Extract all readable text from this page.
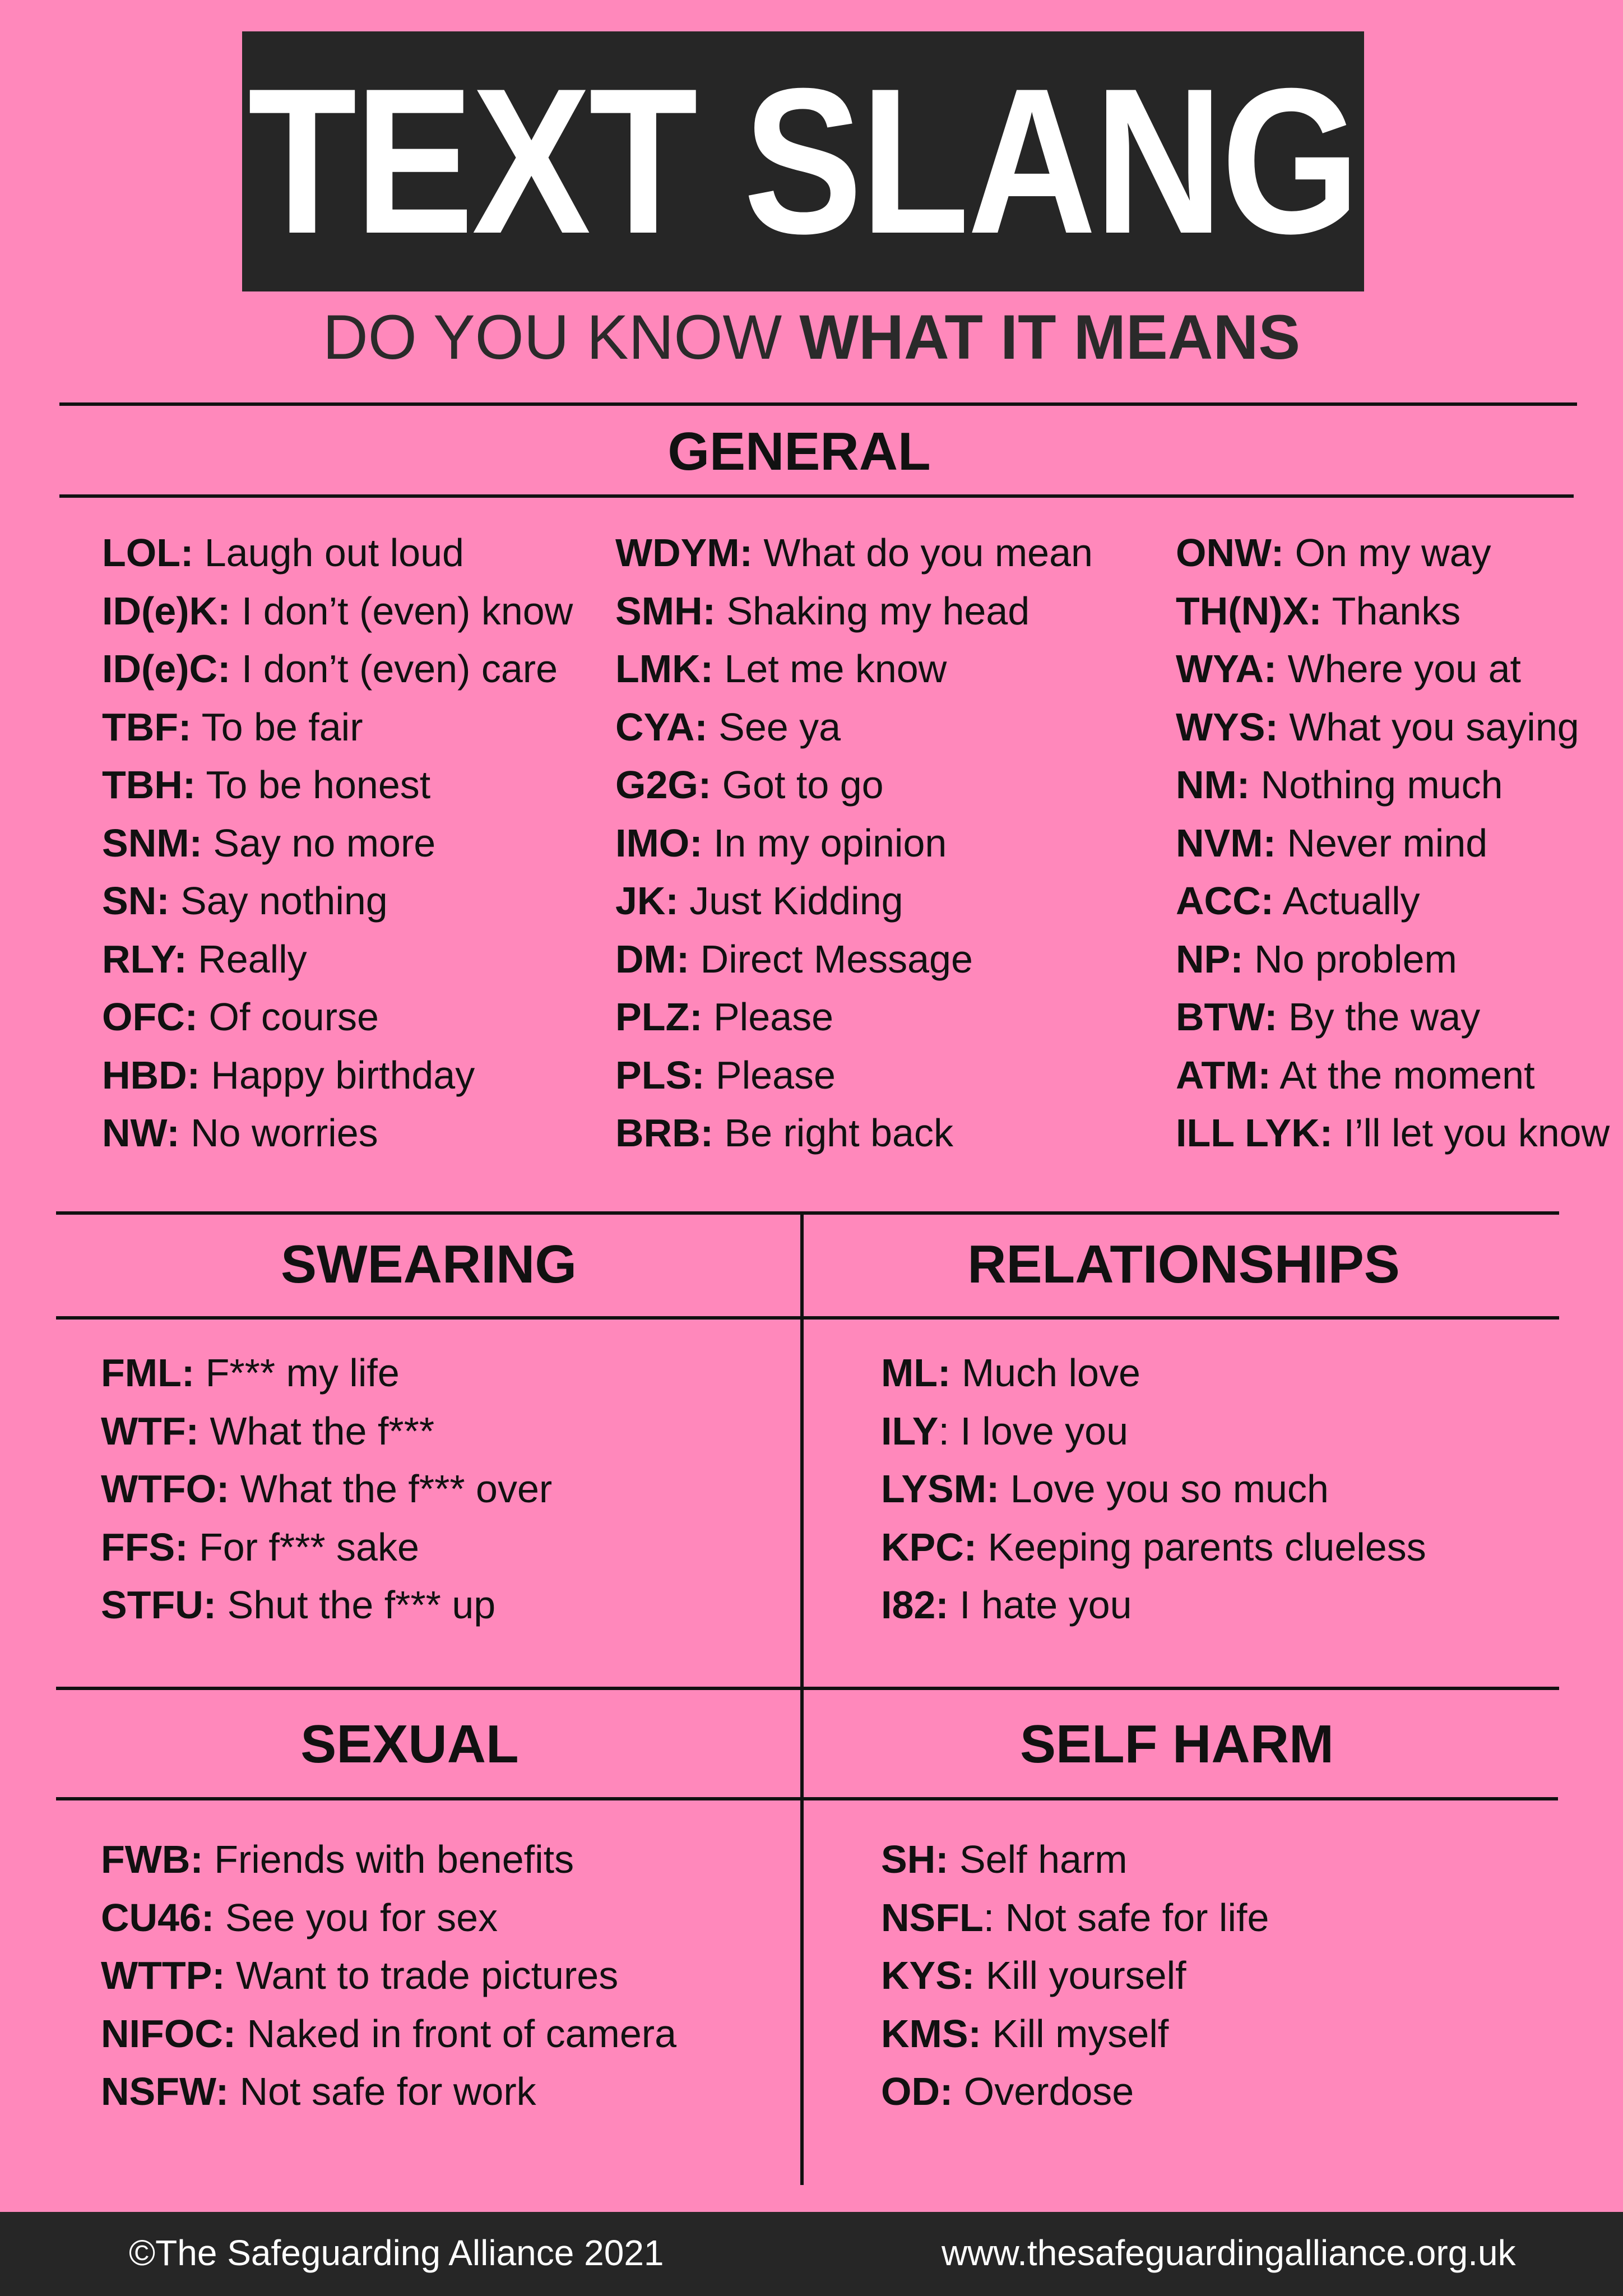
TEXT SLANG
DO YOU KNOW WHAT IT MEANS
GENERAL
LOL: Laugh out loud
ID(e)K: I don’t (even) know
ID(e)C: I don’t (even) care
TBF: To be fair
TBH: To be honest
SNM: Say no more
SN: Say nothing
RLY: Really
OFC: Of course
HBD: Happy birthday
NW: No worries
WDYM: What do you mean
SMH: Shaking my head
LMK: Let me know
CYA: See ya
G2G: Got to go
IMO: In my opinion
JK: Just Kidding
DM: Direct Message
PLZ: Please
PLS: Please
BRB: Be right back
ONW: On my way
TH(N)X: Thanks
WYA: Where you at
WYS: What you saying
NM: Nothing much
NVM: Never mind
ACC: Actually
NP: No problem
BTW: By the way
ATM: At the moment
ILL LYK: I’ll let you know
SWEARING	RELATIONSHIPS
FML: F*** my life
WTF: What the f***
WTFO: What the f*** over
FFS: For f*** sake
STFU: Shut the f*** up
ML: Much love
ILY: I love you
LYSM: Love you so much
KPC: Keeping parents clueless
I82: I hate you
SEXUAL	SELF HARM
FWB: Friends with benefits
CU46: See you for sex
WTTP: Want to trade pictures
NIFOC: Naked in front of camera
NSFW: Not safe for work
SH: Self harm
NSFL: Not safe for life
KYS: Kill yourself
KMS: Kill myself
OD: Overdose
©The Safeguarding Alliance 2021	www.thesafeguardingalliance.org.uk
